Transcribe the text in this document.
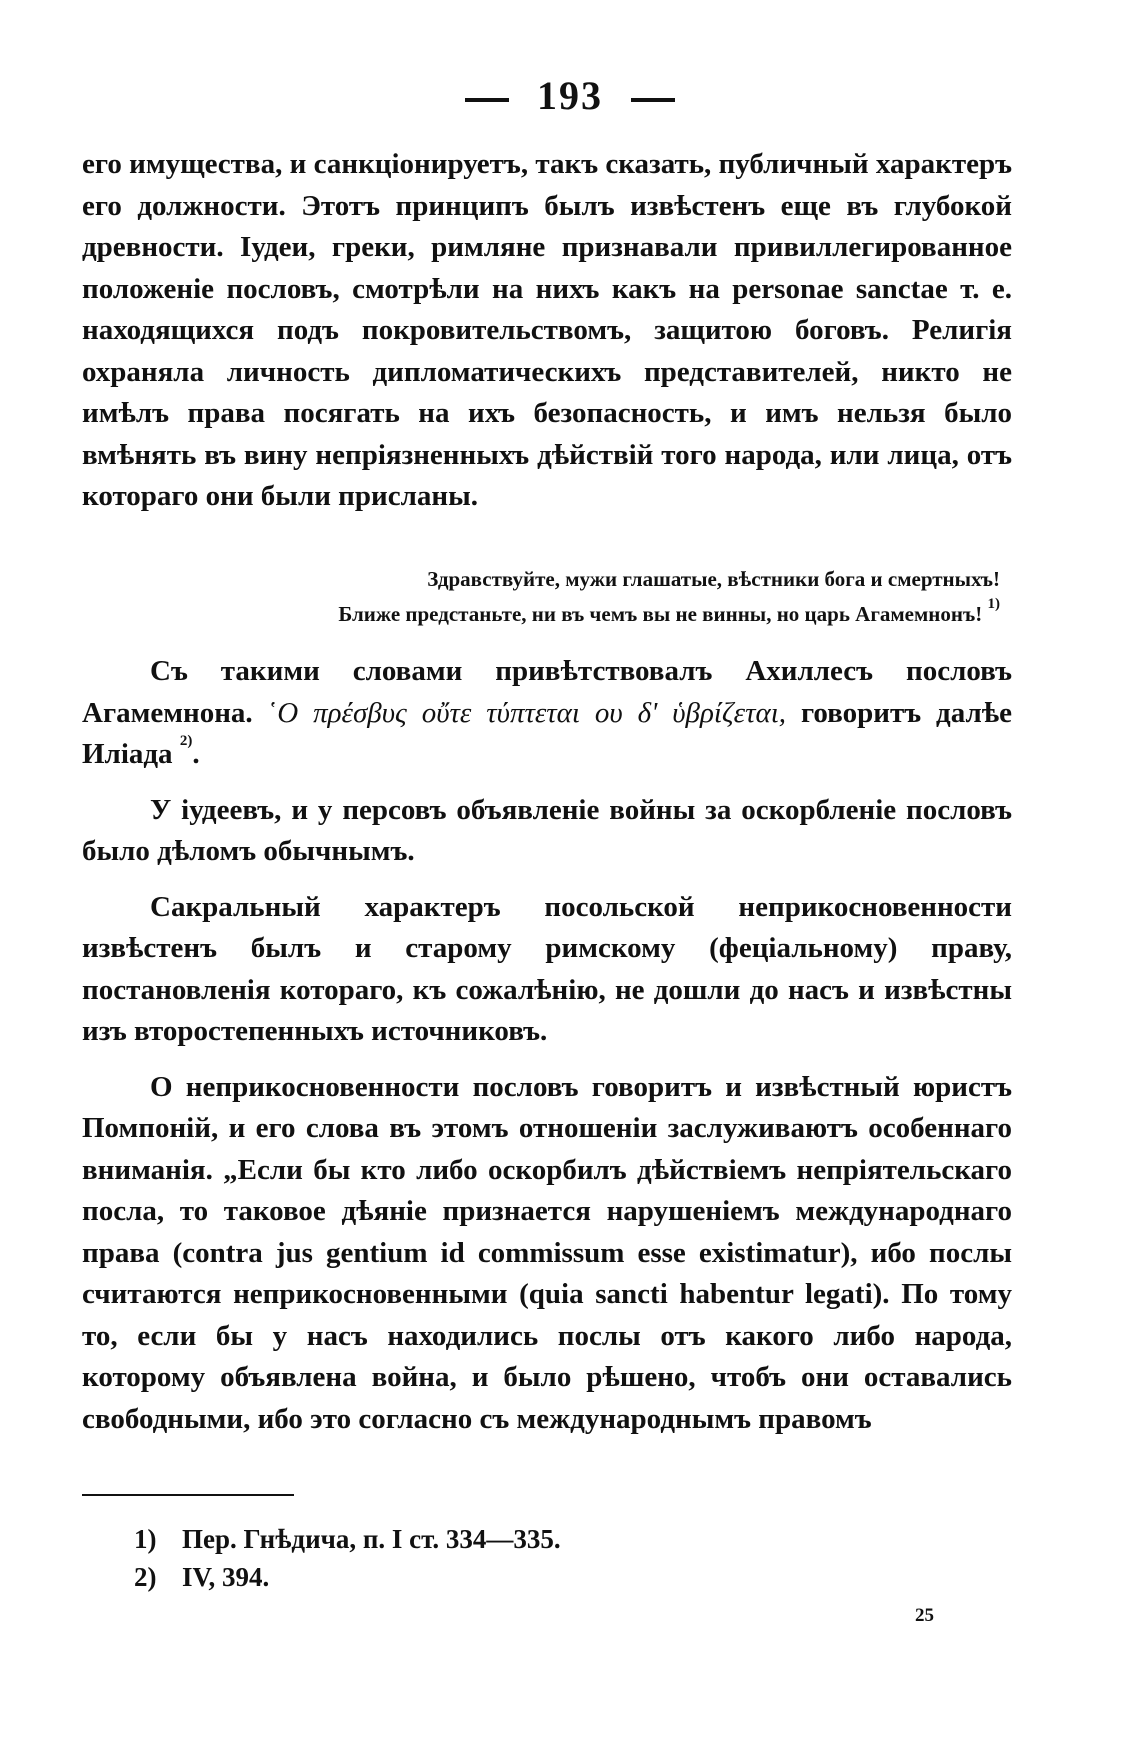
193

его имущества, и санкціонируетъ, такъ сказать, публичный характеръ его должности. Этотъ принципъ былъ извѣстенъ еще въ глубокой древности. Іудеи, греки, римляне признавали привиллегированное положеніе пословъ, смотрѣли на нихъ какъ на personae sanctae т. е. находящихся подъ покровительствомъ, защитою боговъ. Религія охраняла личность дипломатическихъ представителей, никто не имѣлъ права посягать на ихъ безопасность, и имъ нельзя было вмѣнять въ вину непріязненныхъ дѣйствій того народа, или лица, отъ котораго они были присланы.

Здравствуйте, мужи глашатые, вѣстники бога и смертныхъ!
Ближе предстаньте, ни въ чемъ вы не винны, но царь Агамемнонъ! $^{1)}$

Съ такими словами привѣтствовалъ Ахиллесъ пословъ Агамемнона. ῾Ο πρέσβυς οὔτε τύπτεται ου δ' ὑβρίζεται, говоритъ далѣе Иліада $^{2)}$.

У іудеевъ, и у персовъ объявленіе войны за оскорбленіе пословъ было дѣломъ обычнымъ.

Сакральный характеръ посольской неприкосновенности извѣстенъ былъ и старому римскому (феціальному) праву, постановленія котораго, къ сожалѣнію, не дошли до насъ и извѣстны изъ второстепенныхъ источниковъ.

О неприкосновенности пословъ говоритъ и извѣстный юристъ Помпоній, и его слова въ этомъ отношеніи заслуживаютъ особеннаго вниманія. „Если бы кто либо оскорбилъ дѣйствіемъ непріятельскаго посла, то таковое дѣяніе признается нарушеніемъ международнаго права (contra jus gentium id commissum esse existimatur), ибо послы считаются неприкосновенными (quia sancti habentur legati). По тому то, если бы у насъ находились послы отъ какого либо народа, которому объявлена война, и было рѣшено, чтобъ они оставались свободными, ибо это согласно съ международнымъ правомъ

1) Пер. Гнѣдича, п. I ст. 334—335.
2) IV, 394.
25
